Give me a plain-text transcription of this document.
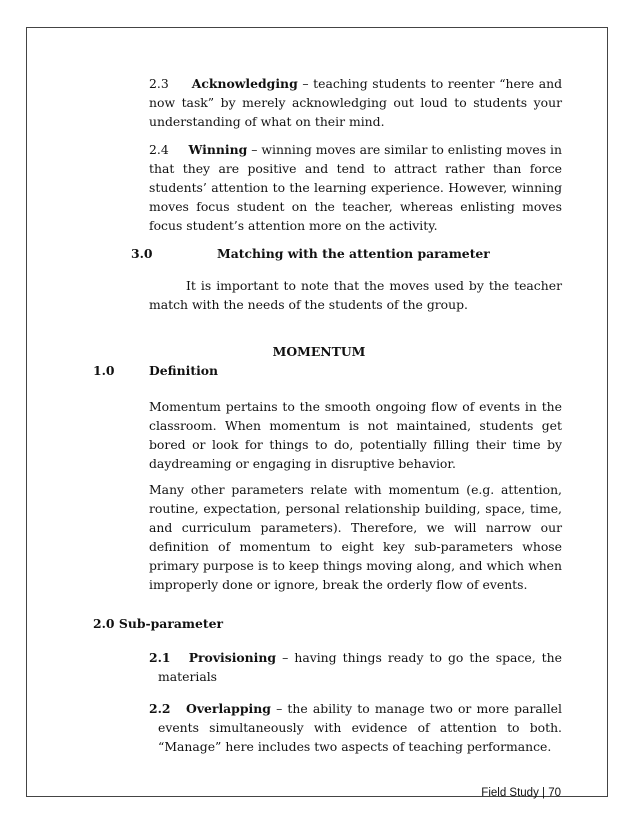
2.3 Acknowledging – teaching students to reenter “here and now task” by merely acknowledging out loud to students your understanding of what on their mind.
2.4 Winning – winning moves are similar to enlisting moves in that they are positive and tend to attract rather than force students’ attention to the learning experience. However, winning moves focus student on the teacher, whereas enlisting moves focus student’s attention more on the activity.
3.0	Matching with the attention parameter
It is important to note that the moves used by the teacher match with the needs of the students of the group.
MOMENTUM
1.0	Definition
Momentum pertains to the smooth ongoing flow of events in the classroom. When momentum is not maintained, students get bored or look for things to do, potentially filling their time by daydreaming or engaging in disruptive behavior.
Many other parameters relate with momentum (e.g. attention, routine, expectation, personal relationship building, space, time, and curriculum parameters). Therefore, we will narrow our definition of momentum to eight key sub-parameters whose primary purpose is to keep things moving along, and which when improperly done or ignore, break the orderly flow of events.
2.0 Sub-parameter
2.1 Provisioning – having things ready to go the space, the materials
2.2 Overlapping – the ability to manage two or more parallel events simultaneously with evidence of attention to both. “Manage” here includes two aspects of teaching performance.
Field Study | 70
